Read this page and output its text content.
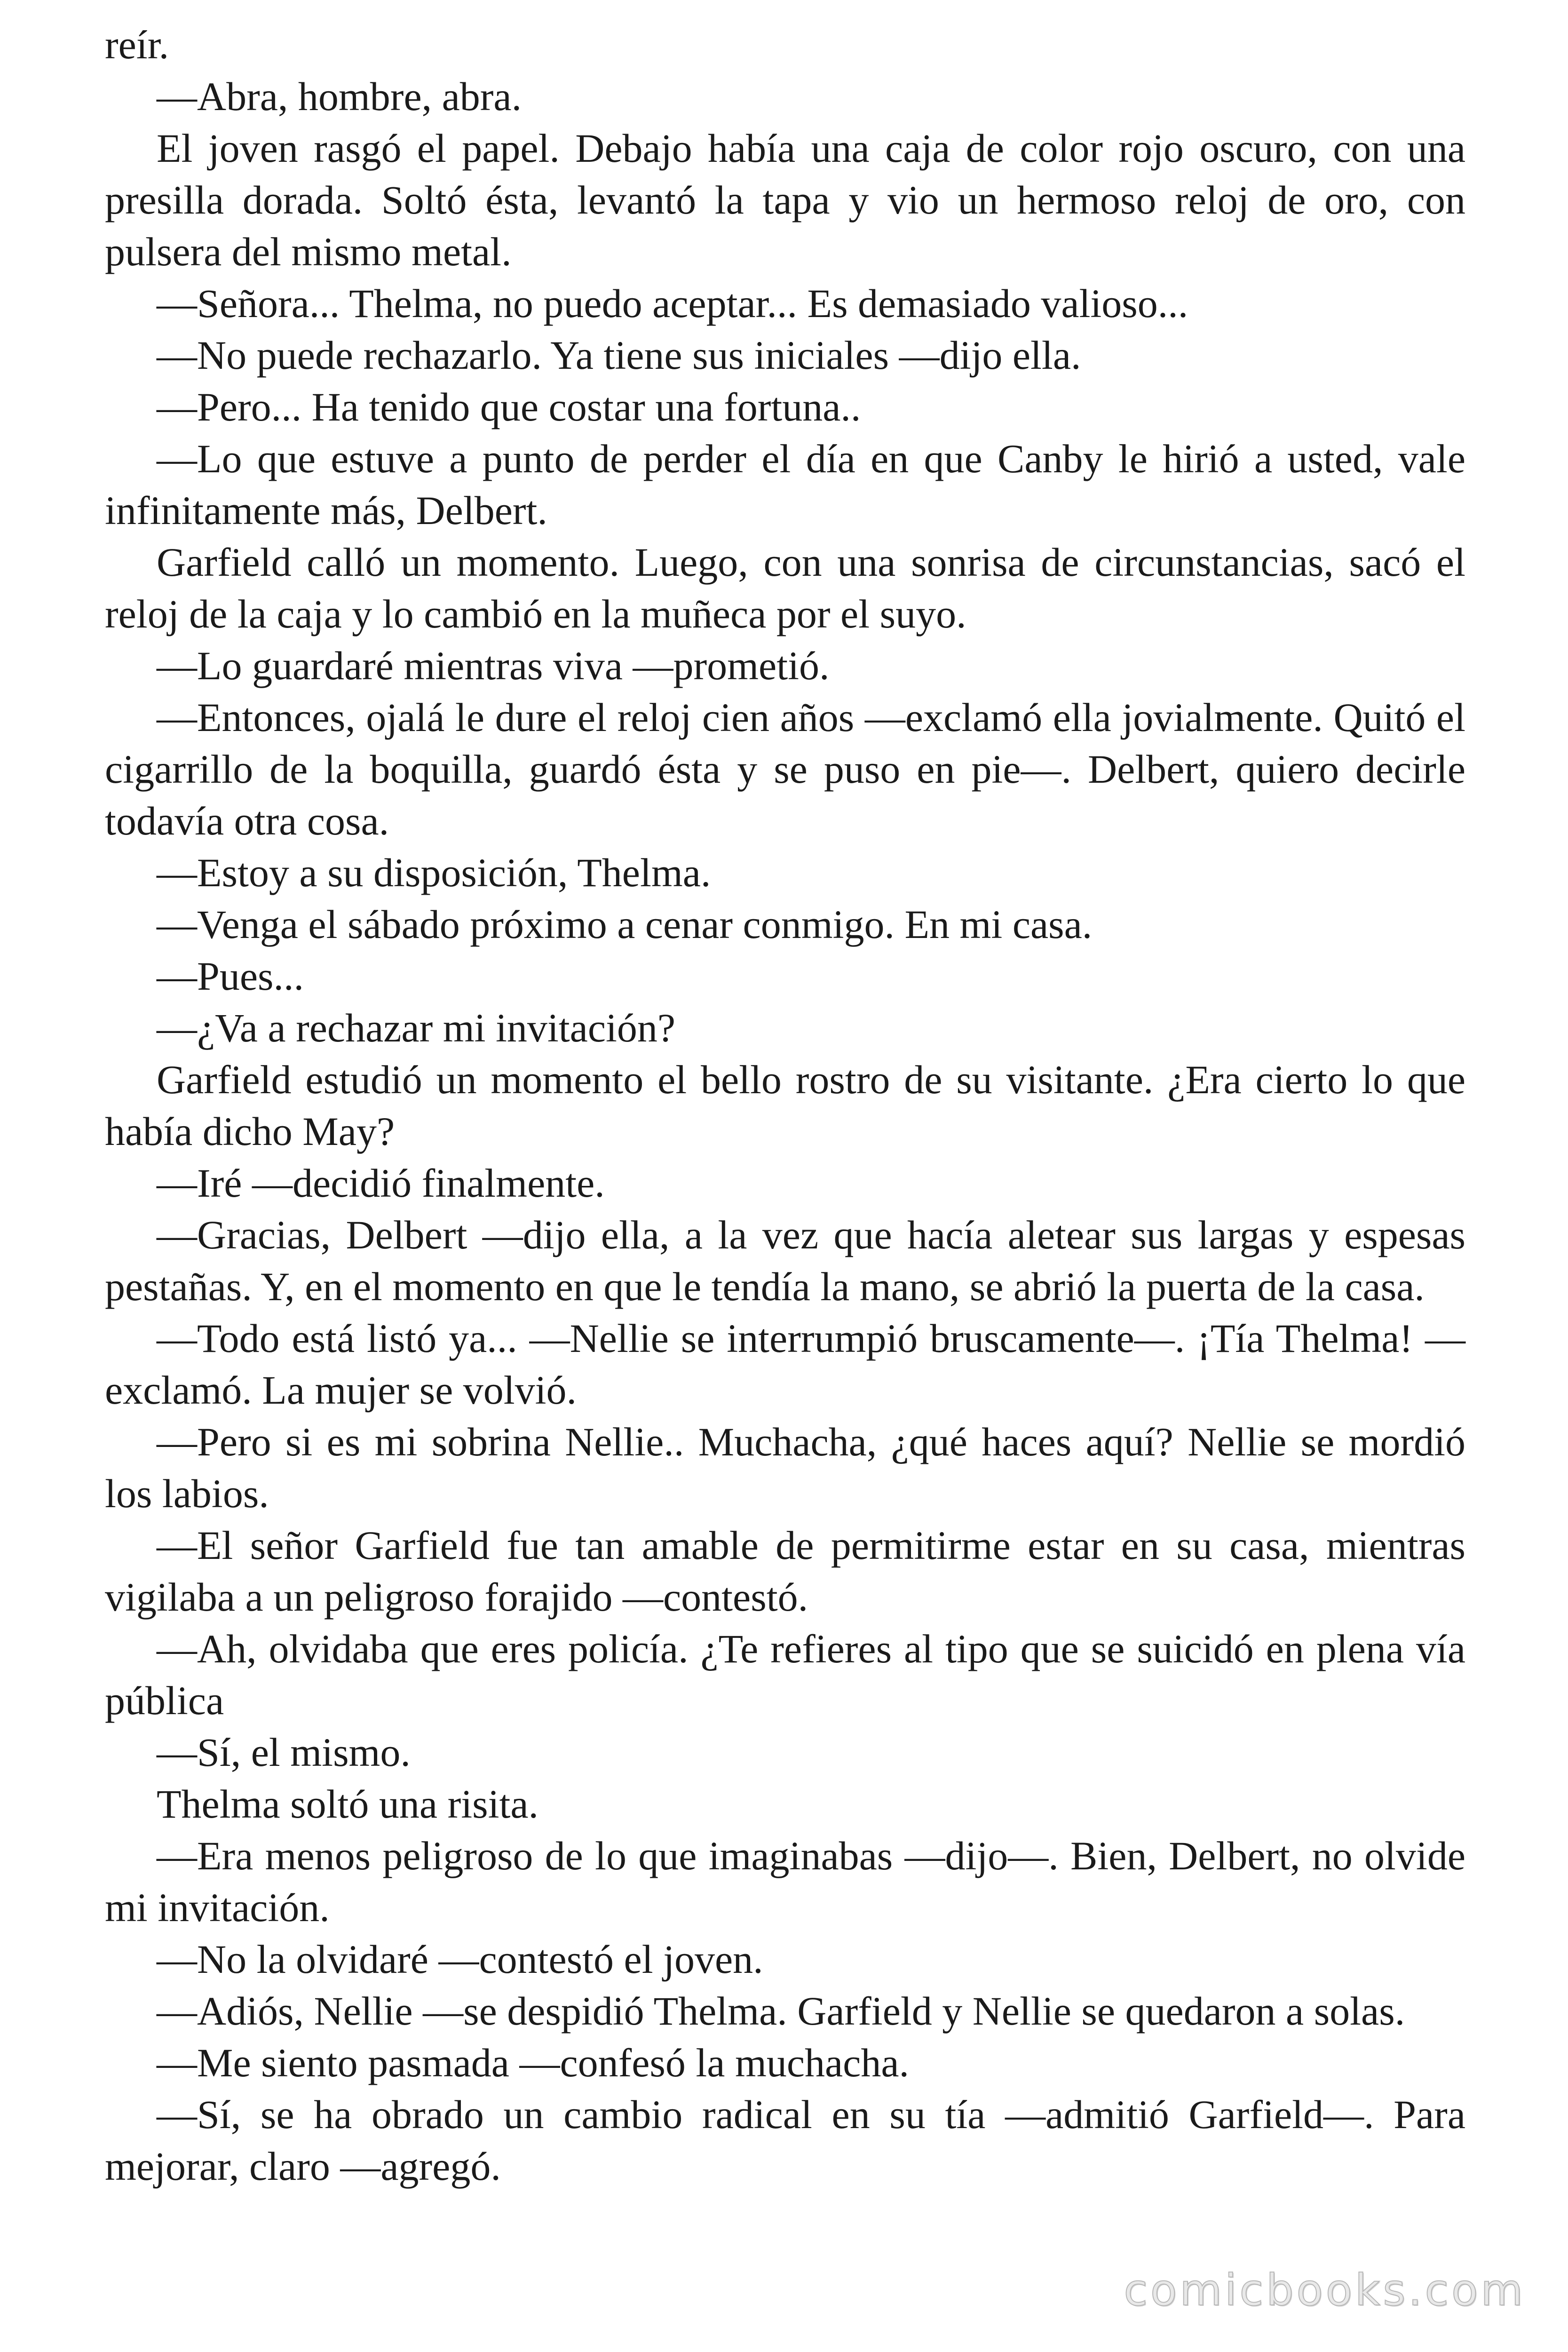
reír.

—Abra, hombre, abra.

El joven rasgó el papel. Debajo había una caja de color rojo oscuro, con una presilla dorada. Soltó ésta, levantó la tapa y vio un hermoso reloj de oro, con pulsera del mismo metal.

—Señora... Thelma, no puedo aceptar... Es demasiado valioso...

—No puede rechazarlo. Ya tiene sus iniciales —dijo ella.

—Pero... Ha tenido que costar una fortuna..

—Lo que estuve a punto de perder el día en que Canby le hirió a usted, vale infinitamente más, Delbert.

Garfield calló un momento. Luego, con una sonrisa de circunstancias, sacó el reloj de la caja y lo cambió en la muñeca por el suyo.

—Lo guardaré mientras viva —prometió.

—Entonces, ojalá le dure el reloj cien años —exclamó ella jovialmente. Quitó el cigarrillo de la boquilla, guardó ésta y se puso en pie—. Delbert, quiero decirle todavía otra cosa.

—Estoy a su disposición, Thelma.

—Venga el sábado próximo a cenar conmigo. En mi casa.

—Pues...

—¿Va a rechazar mi invitación?

Garfield estudió un momento el bello rostro de su visitante. ¿Era cierto lo que había dicho May?

—Iré —decidió finalmente.

—Gracias, Delbert —dijo ella, a la vez que hacía aletear sus largas y espesas pestañas. Y, en el momento en que le tendía la mano, se abrió la puerta de la casa.

—Todo está listó ya... —Nellie se interrumpió bruscamente—. ¡Tía Thelma! —exclamó. La mujer se volvió.

—Pero si es mi sobrina Nellie.. Muchacha, ¿qué haces aquí? Nellie se mordió los labios.

—El señor Garfield fue tan amable de permitirme estar en su casa, mientras vigilaba a un peligroso forajido —contestó.

—Ah, olvidaba que eres policía. ¿Te refieres al tipo que se suicidó en plena vía pública

—Sí, el mismo.

Thelma soltó una risita.

—Era menos peligroso de lo que imaginabas —dijo—. Bien, Delbert, no olvide mi invitación.

—No la olvidaré —contestó el joven.

—Adiós, Nellie —se despidió Thelma. Garfield y Nellie se quedaron a solas.

—Me siento pasmada —confesó la muchacha.

—Sí, se ha obrado un cambio radical en su tía —admitió Garfield—. Para mejorar, claro —agregó.

comicbooks.com
